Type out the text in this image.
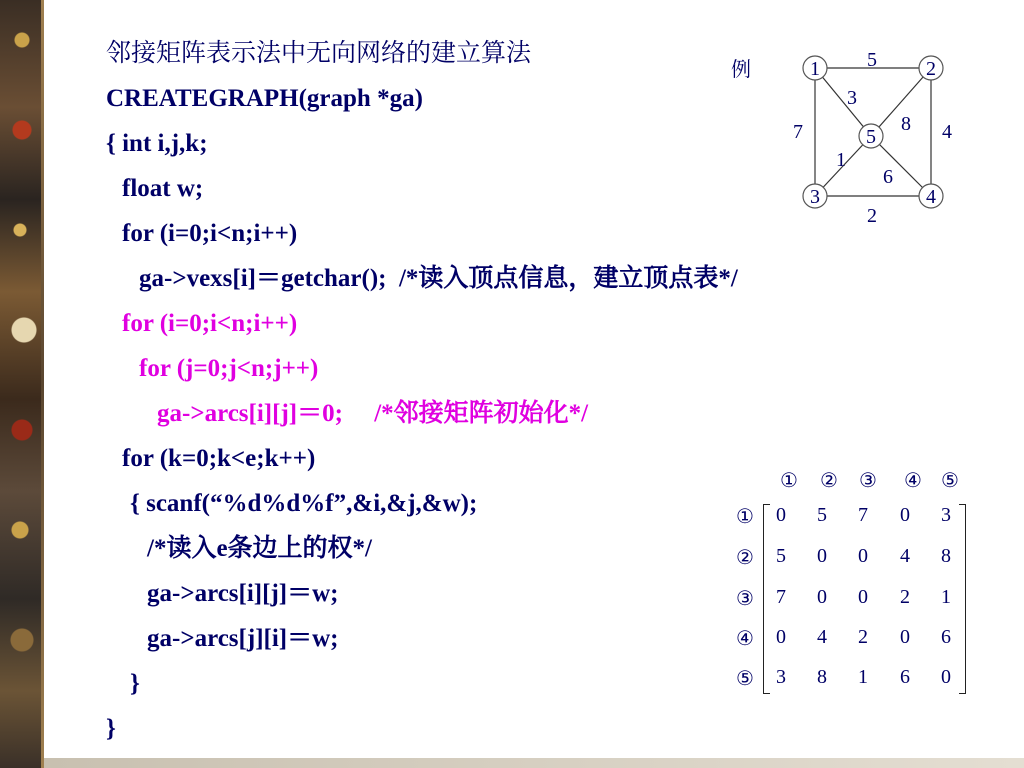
邻接矩阵表示法中无向网络的建立算法
CREATEGRAPH(graph *ga)
{ int i,j,k;
float w;
for (i=0;i<n;i++)
ga->vexs[i]＝getchar();  /*读入顶点信息，建立顶点表*/
for (i=0;i<n;i++)
for (j=0;j<n;j++)
ga->arcs[i][j]＝0;     /*邻接矩阵初始化*/
for (k=0;k<e;k++)
{ scanf(“%d%d%f”,&i,&j,&w);
/*读入e条边上的权*/
ga->arcs[i][j]＝w;
ga->arcs[j][i]＝w;
}
}
例	1	2
5
3	4
5
3
8 4
7
1
6
2
① ② ③ ④ ⑤
①	0	5	7	0	3
②	5	0	0	4	8
③	7	0	0	2	1
④	0	4	2	0	6
⑤	3	8	1	6	0
